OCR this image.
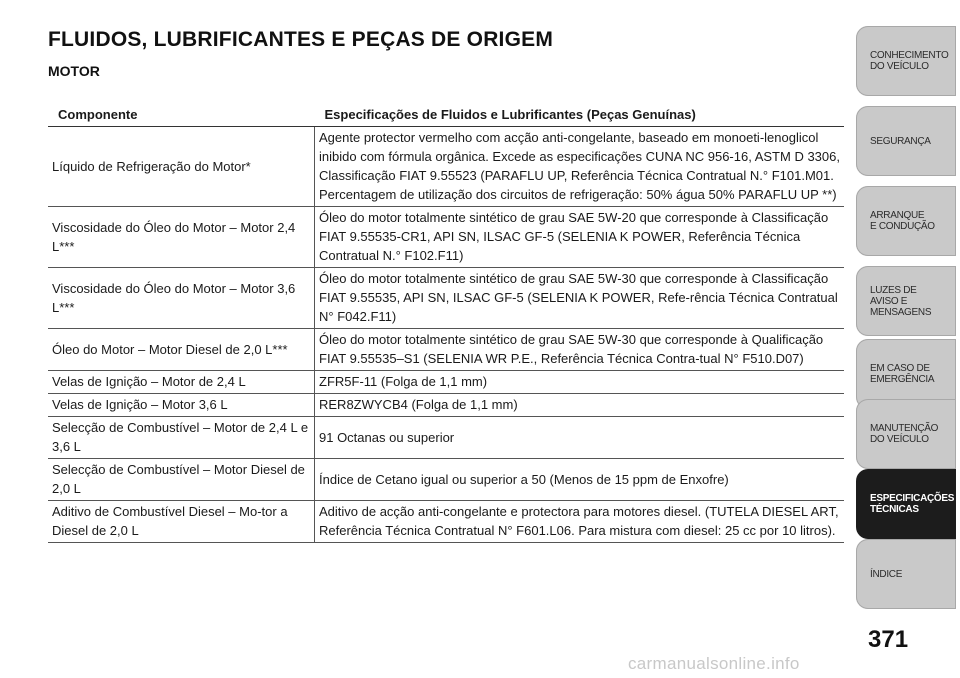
FLUIDOS, LUBRIFICANTES E PEÇAS DE ORIGEM
MOTOR
Componente	Especificações de Fluidos e Lubrificantes (Peças Genuínas)
Líquido de Refrigeração do Motor*	Agente protector vermelho com acção anti-congelante, baseado em monoeti-lenoglicol inibido com fórmula orgânica. Excede as especificações CUNA NC 956-16, ASTM D 3306, Classificação FIAT 9.55523 (PARAFLU UP, Referência Técnica Contratual N.° F101.M01. Percentagem de utilização dos circuitos de refrigeração: 50% água 50% PARAFLU UP **)
Viscosidade do Óleo do Motor – Motor 2,4 L***	Óleo do motor totalmente sintético de grau SAE 5W-20 que corresponde à Classificação FIAT 9.55535-CR1, API SN, ILSAC GF-5 (SELENIA K POWER, Referência Técnica Contratual N.° F102.F11)
Viscosidade do Óleo do Motor – Motor 3,6 L***	Óleo do motor totalmente sintético de grau SAE 5W-30 que corresponde à Classificação FIAT 9.55535, API SN, ILSAC GF-5 (SELENIA K POWER, Refe-rência Técnica Contratual N° F042.F11)
Óleo do Motor – Motor Diesel de 2,0 L***	Óleo do motor totalmente sintético de grau SAE 5W-30 que corresponde à Qualificação FIAT 9.55535–S1 (SELENIA WR P.E., Referência Técnica Contra-tual N° F510.D07)
Velas de Ignição – Motor de 2,4 L	ZFR5F-11 (Folga de 1,1 mm)
Velas de Ignição – Motor 3,6 L	RER8ZWYCB4 (Folga de 1,1 mm)
Selecção de Combustível – Motor de 2,4 L e 3,6 L	91 Octanas ou superior
Selecção de Combustível – Motor Diesel de 2,0 L	Índice de Cetano igual ou superior a 50 (Menos de 15 ppm de Enxofre)
Aditivo de Combustível Diesel – Mo-tor a Diesel de 2,0 L	Aditivo de acção anti-congelante e protectora para motores diesel. (TUTELA DIESEL ART, Referência Técnica Contratual N° F601.L06. Para mistura com diesel: 25 cc por 10 litros).
CONHECIMENTO
DO VEÍCULO
SEGURANÇA
ARRANQUE
E CONDUÇÃO
LUZES DE
AVISO E
MENSAGENS
EM CASO DE
EMERGÊNCIA
MANUTENÇÃO
DO VEÍCULO
ESPECIFICAÇÕES
TÉCNICAS
ÍNDICE
371
carmanualsonline.info
